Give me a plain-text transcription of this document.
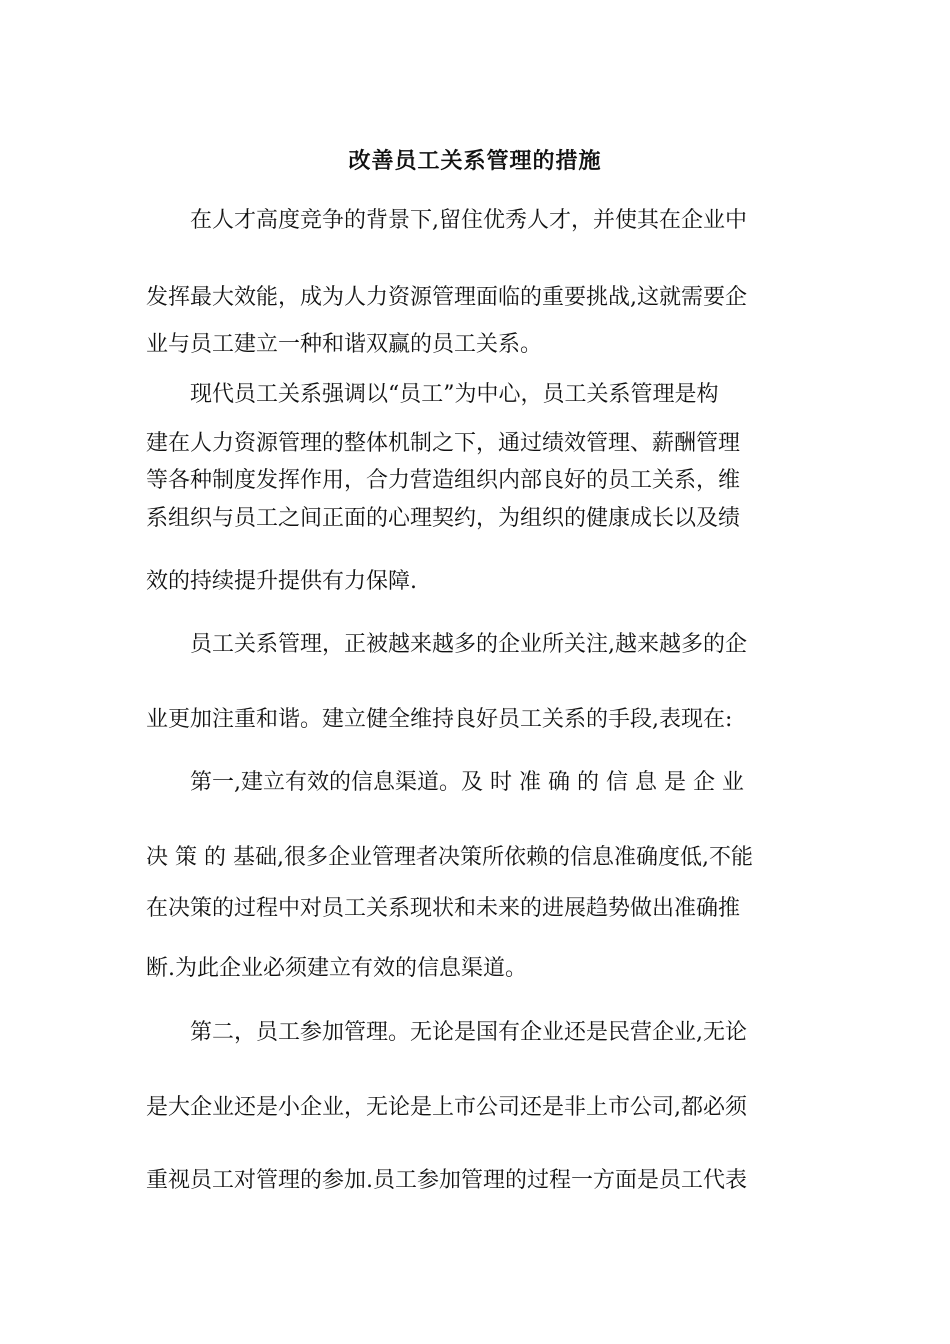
改善员工关系管理的措施
在人才高度竞争的背景下,留住优秀人才，并使其在企业中
发挥最大效能，成为人力资源管理面临的重要挑战,这就需要企
业与员工建立一种和谐双赢的员工关系。
现代员工关系强调以“员工”为中心，员工关系管理是构
建在人力资源管理的整体机制之下，通过绩效管理、薪酬管理
等各种制度发挥作用，合力营造组织内部良好的员工关系，维
系组织与员工之间正面的心理契约，为组织的健康成长以及绩
效的持续提升提供有力保障.
员工关系管理，正被越来越多的企业所关注,越来越多的企
业更加注重和谐。建立健全维持良好员工关系的手段,表现在:
第一,建立有效的信息渠道。及 时 准 确 的 信 息 是 企 业
决 策 的 基础,很多企业管理者决策所依赖的信息准确度低,不能
在决策的过程中对员工关系现状和未来的进展趋势做出准确推
断.为此企业必须建立有效的信息渠道。
第二，员工参加管理。无论是国有企业还是民营企业,无论
是大企业还是小企业，无论是上市公司还是非上市公司,都必须
重视员工对管理的参加.员工参加管理的过程一方面是员工代表
